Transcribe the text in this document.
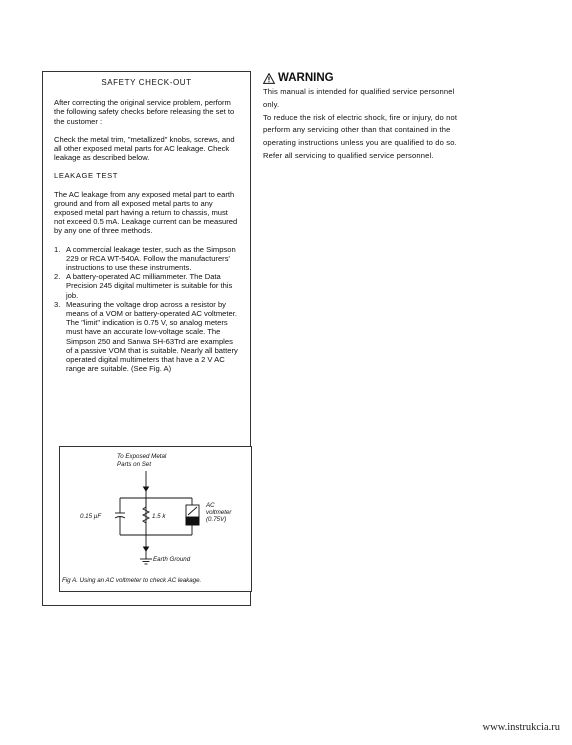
SAFETY CHECK-OUT

After correcting the original service problem, perform the following safety checks before releasing the set to the customer :

Check the metal trim, "metallized" knobs, screws, and all other exposed metal parts for AC leakage. Check leakage as described below.

LEAKAGE TEST

The AC leakage from any exposed metal part to earth ground and from all exposed metal parts to any exposed metal part having a return to chassis, must not exceed 0.5 mA. Leakage current can be measured by any one of three methods.

1. A commercial leakage tester, such as the Simpson 229 or RCA WT-540A. Follow the manufacturers' instructions to use these instruments.
2. A battery-operated AC milliammeter. The Data Precision 245 digital multimeter is suitable for this job.
3. Measuring the voltage drop across a resistor by means of a VOM or battery-operated AC voltmeter. The "limit" indication is 0.75 V, so analog meters must have an accurate low-voltage scale. The Simpson 250 and Sanwa SH-63Trd are examples of a passive VOM that is suitable. Nearly all battery operated digital multimeters that have a 2 V AC range are suitable. (See Fig. A)
To Exposed Metal
Parts on Set
0.15 µF	1.5 k
AC
voltmeter
(0.75V)
Earth Ground
Fig A. Using an AC voltmeter to check AC leakage.
WARNING
This manual is intended for qualified service personnel
only.
To reduce the risk of electric shock, fire or injury, do not
perform any servicing other than that contained in the
operating instructions unless you are qualified to do so.
Refer all servicing to qualified service personnel.
www.instrukcia.ru
